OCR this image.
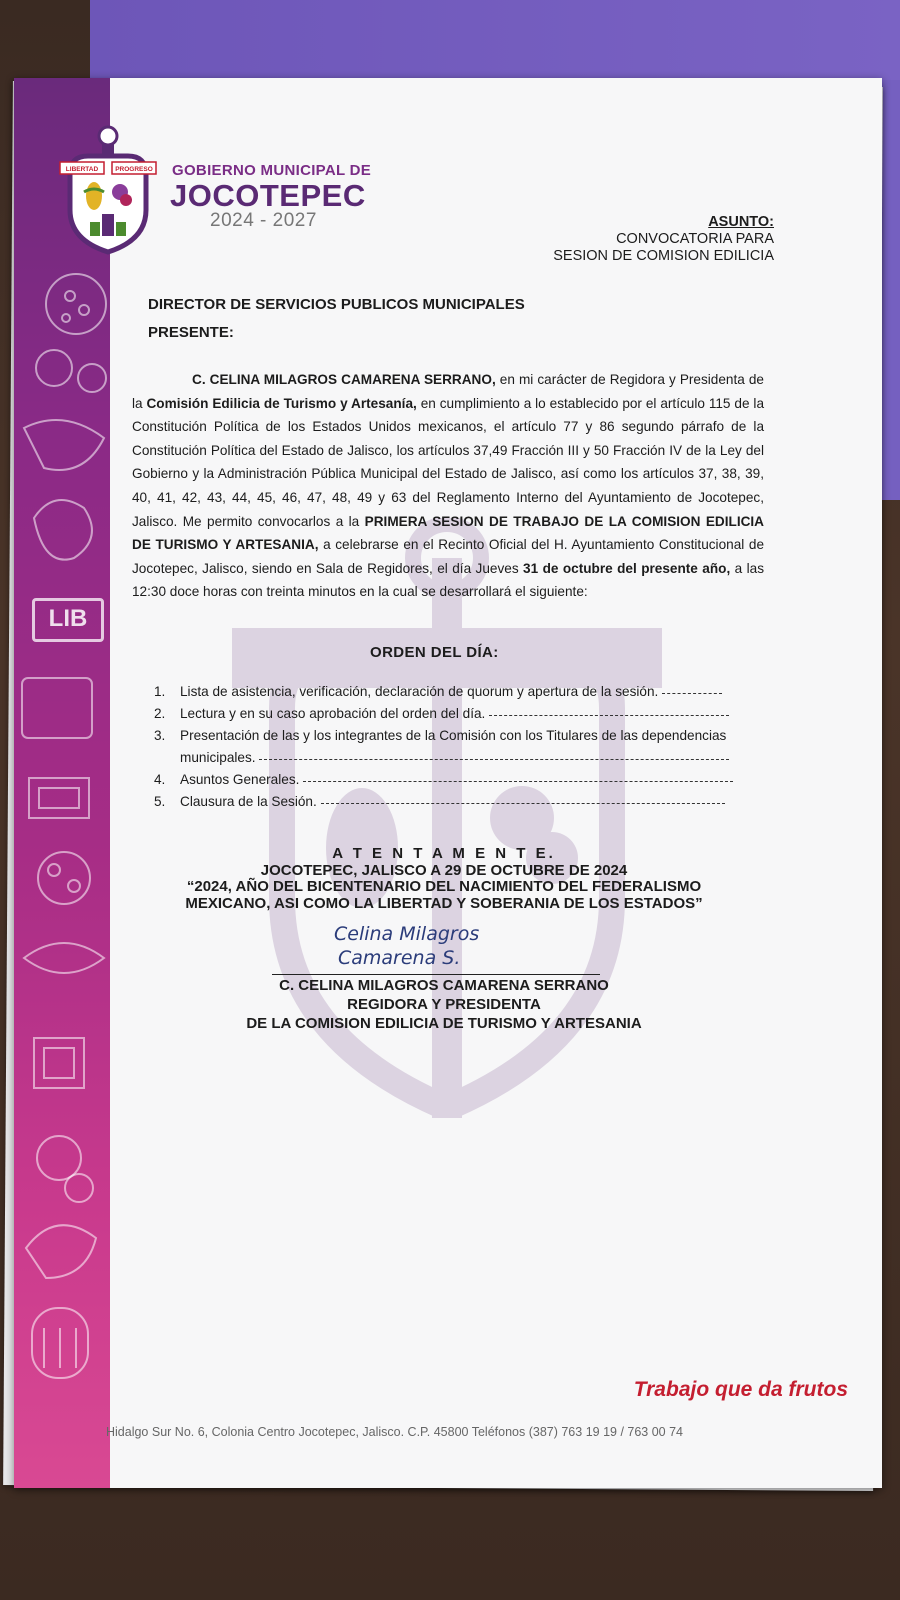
LIB
LIBERTAD	PROGRESO GOBIERNO MUNICIPAL DE
JOCOTEPEC
2024 - 2027	ASUNTO:
CONVOCATORIA PARA
SESION DE COMISION EDILICIA
DIRECTOR DE SERVICIOS PUBLICOS MUNICIPALES
PRESENTE:
C. CELINA MILAGROS CAMARENA SERRANO, en mi carácter de Regidora y Presidenta de la Comisión Edilicia de Turismo y Artesanía, en cumplimiento a lo establecido por el artículo 115 de la Constitución Política de los Estados Unidos mexicanos, el artículo 77 y 86 segundo párrafo de la Constitución Política del Estado de Jalisco, los artículos 37,49 Fracción III y 50 Fracción IV de la Ley del Gobierno y la Administración Pública Municipal del Estado de Jalisco, así como los artículos 37, 38, 39, 40, 41, 42, 43, 44, 45, 46, 47, 48, 49 y 63 del Reglamento Interno del Ayuntamiento de Jocotepec, Jalisco. Me permito convocarlos a la PRIMERA SESION DE TRABAJO DE LA COMISION EDILICIA DE TURISMO Y ARTESANIA, a celebrarse en el Recinto Oficial del H. Ayuntamiento Constitucional de Jocotepec, Jalisco, siendo en Sala de Regidores, el día Jueves 31 de octubre del presente año, a las 12:30 doce horas con treinta minutos en la cual se desarrollará el siguiente:
ORDEN DEL DÍA:
1.	Lista de asistencia, verificación, declaración de quorum y apertura de la sesión.
2.	Lectura y en su caso aprobación del orden del día.
3.	Presentación de las y los integrantes de la Comisión con los Titulares de las dependencias municipales.
4.	Asuntos Generales.
5.	Clausura de la Sesión.
A T E N T A M E N T E.
JOCOTEPEC, JALISCO A 29 DE OCTUBRE DE 2024
“2024, AÑO DEL BICENTENARIO DEL NACIMIENTO DEL FEDERALISMO
MEXICANO, ASI COMO LA LIBERTAD Y SOBERANIA DE LOS ESTADOS”
Celina Milagros
Camarena S.
C. CELINA MILAGROS CAMARENA SERRANO
REGIDORA Y PRESIDENTA
DE LA COMISION EDILICIA DE TURISMO Y ARTESANIA
Trabajo que da frutos
Hidalgo Sur No. 6, Colonia Centro Jocotepec, Jalisco. C.P. 45800 Teléfonos (387) 763 19 19 / 763 00 74
